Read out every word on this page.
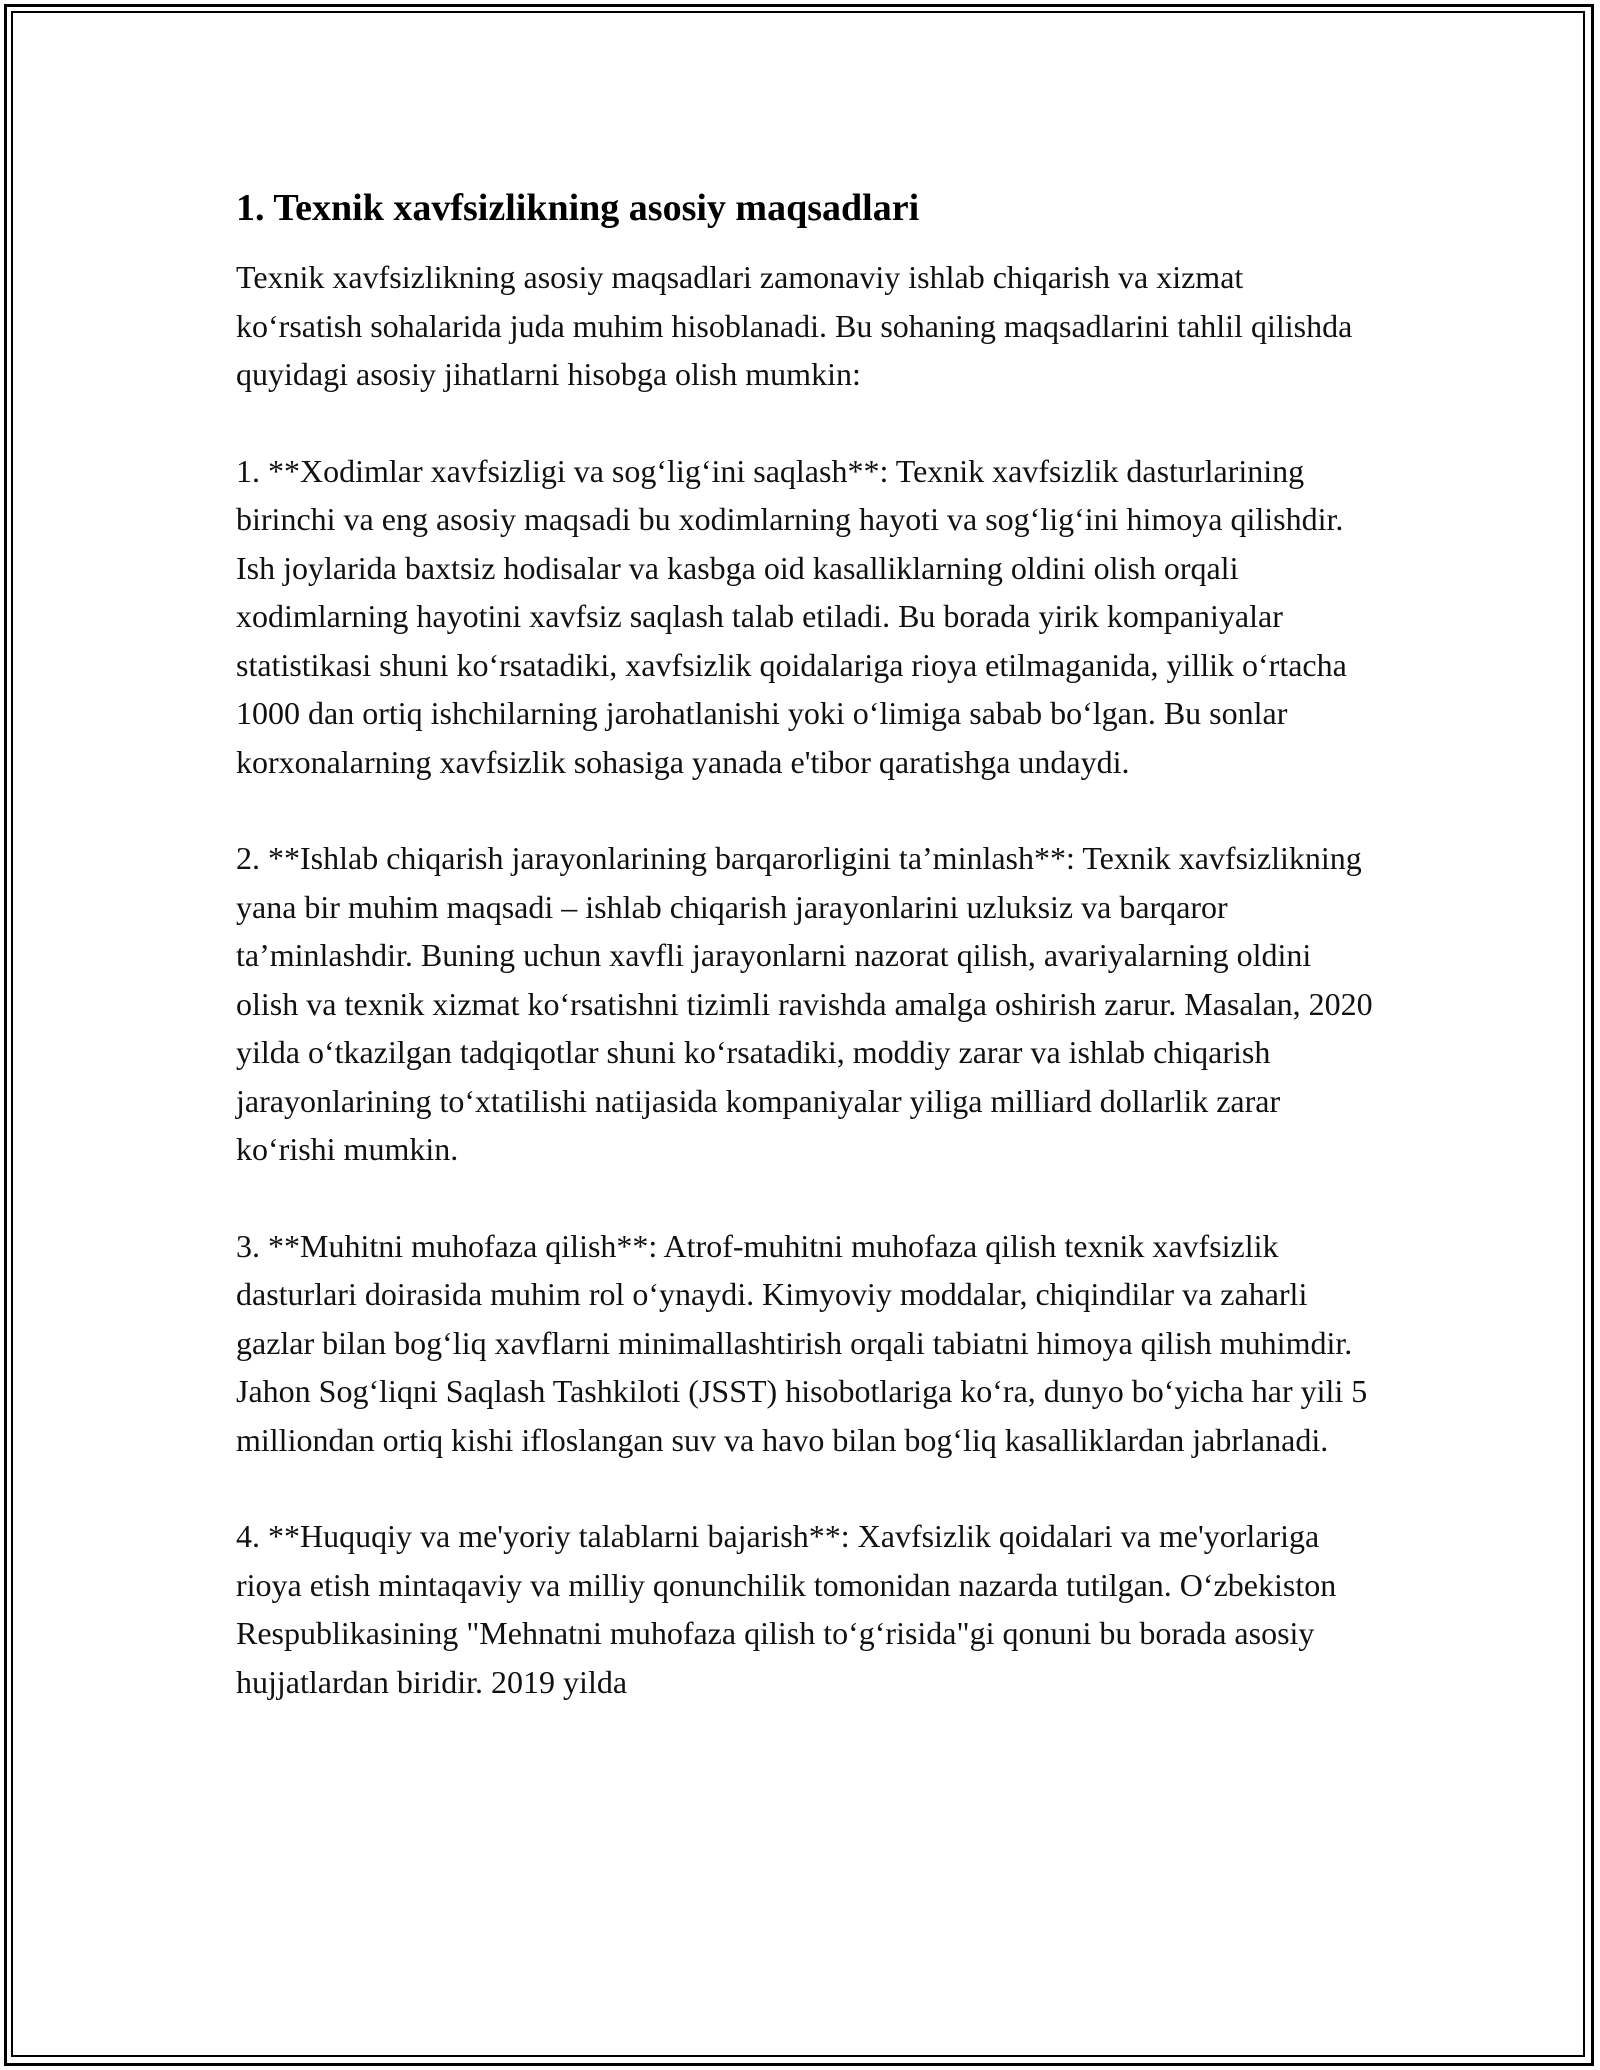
1. Texnik xavfsizlikning asosiy maqsadlari

Texnik xavfsizlikning asosiy maqsadlari zamonaviy ishlab chiqarish va xizmat ko‘rsatish sohalarida juda muhim hisoblanadi. Bu sohaning maqsadlarini tahlil qilishda quyidagi asosiy jihatlarni hisobga olish mumkin:

1. **Xodimlar xavfsizligi va sog‘lig‘ini saqlash**: Texnik xavfsizlik dasturlarining birinchi va eng asosiy maqsadi bu xodimlarning hayoti va sog‘lig‘ini himoya qilishdir. Ish joylarida baxtsiz hodisalar va kasbga oid kasalliklarning oldini olish orqali xodimlarning hayotini xavfsiz saqlash talab etiladi. Bu borada yirik kompaniyalar statistikasi shuni ko‘rsatadiki, xavfsizlik qoidalariga rioya etilmaganida, yillik o‘rtacha 1000 dan ortiq ishchilarning jarohatlanishi yoki o‘limiga sabab bo‘lgan. Bu sonlar korxonalarning xavfsizlik sohasiga yanada e'tibor qaratishga undaydi.

2. **Ishlab chiqarish jarayonlarining barqarorligini ta’minlash**: Texnik xavfsizlikning yana bir muhim maqsadi – ishlab chiqarish jarayonlarini uzluksiz va barqaror ta’minlashdir. Buning uchun xavfli jarayonlarni nazorat qilish, avariyalarning oldini olish va texnik xizmat ko‘rsatishni tizimli ravishda amalga oshirish zarur. Masalan, 2020 yilda o‘tkazilgan tadqiqotlar shuni ko‘rsatadiki, moddiy zarar va ishlab chiqarish jarayonlarining to‘xtatilishi natijasida kompaniyalar yiliga milliard dollarlik zarar ko‘rishi mumkin.

3. **Muhitni muhofaza qilish**: Atrof-muhitni muhofaza qilish texnik xavfsizlik dasturlari doirasida muhim rol o‘ynaydi. Kimyoviy moddalar, chiqindilar va zaharli gazlar bilan bog‘liq xavflarni minimallashtirish orqali tabiatni himoya qilish muhimdir. Jahon Sog‘liqni Saqlash Tashkiloti (JSST) hisobotlariga ko‘ra, dunyo bo‘yicha har yili 5 milliondan ortiq kishi ifloslangan suv va havo bilan bog‘liq kasalliklardan jabrlanadi.

4. **Huquqiy va me'yoriy talablarni bajarish**: Xavfsizlik qoidalari va me'yorlariga rioya etish mintaqaviy va milliy qonunchilik tomonidan nazarda tutilgan. O‘zbekiston Respublikasining "Mehnatni muhofaza qilish to‘g‘risida"gi qonuni bu borada asosiy hujjatlardan biridir. 2019 yilda
